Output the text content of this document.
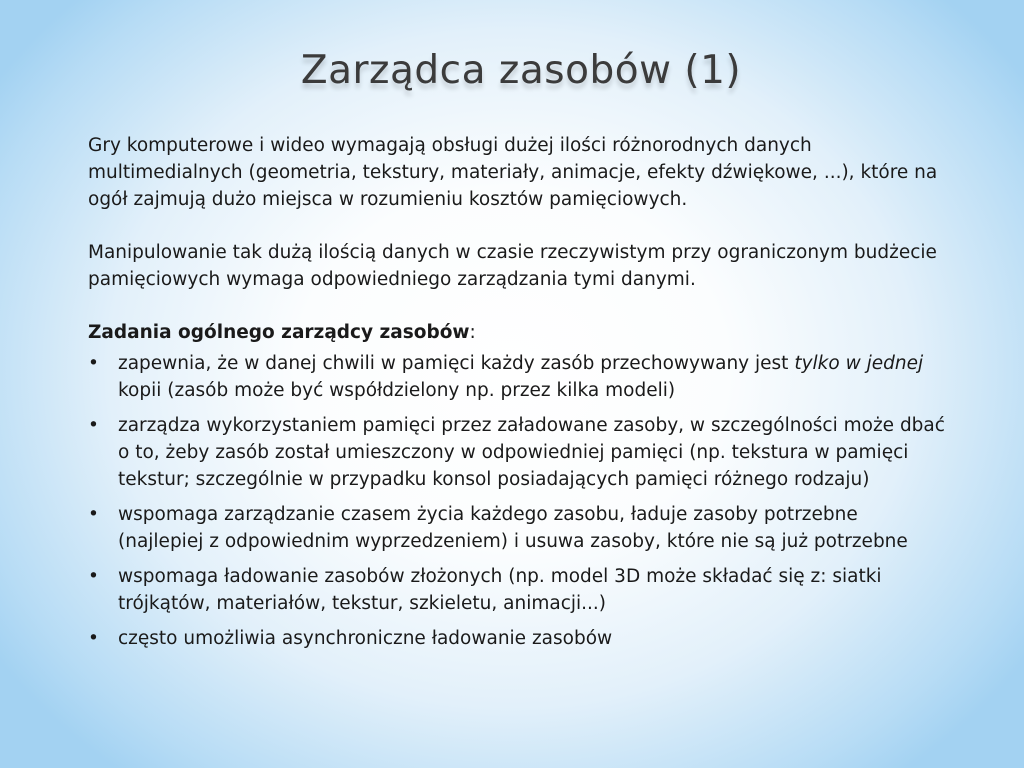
Zarządca zasobów (1)

Gry komputerowe i wideo wymagają obsługi dużej ilości różnorodnych danych multimedialnych (geometria, tekstury, materiały, animacje, efekty dźwiękowe, ...), które na ogół zajmują dużo miejsca w rozumieniu kosztów pamięciowych.

Manipulowanie tak dużą ilością danych w czasie rzeczywistym przy ograniczonym budżecie pamięciowych wymaga odpowiedniego zarządzania tymi danymi.

Zadania ogólnego zarządcy zasobów:

• zapewnia, że w danej chwili w pamięci każdy zasób przechowywany jest tylko w jednej kopii (zasób może być współdzielony np. przez kilka modeli)
• zarządza wykorzystaniem pamięci przez załadowane zasoby, w szczególności może dbać o to, żeby zasób został umieszczony w odpowiedniej pamięci (np. tekstura w pamięci tekstur; szczególnie w przypadku konsol posiadających pamięci różnego rodzaju)
• wspomaga zarządzanie czasem życia każdego zasobu, ładuje zasoby potrzebne (najlepiej z odpowiednim wyprzedzeniem) i usuwa zasoby, które nie są już potrzebne
• wspomaga ładowanie zasobów złożonych (np. model 3D może składać się z: siatki trójkątów, materiałów, tekstur, szkieletu, animacji...)
• często umożliwia asynchroniczne ładowanie zasobów
